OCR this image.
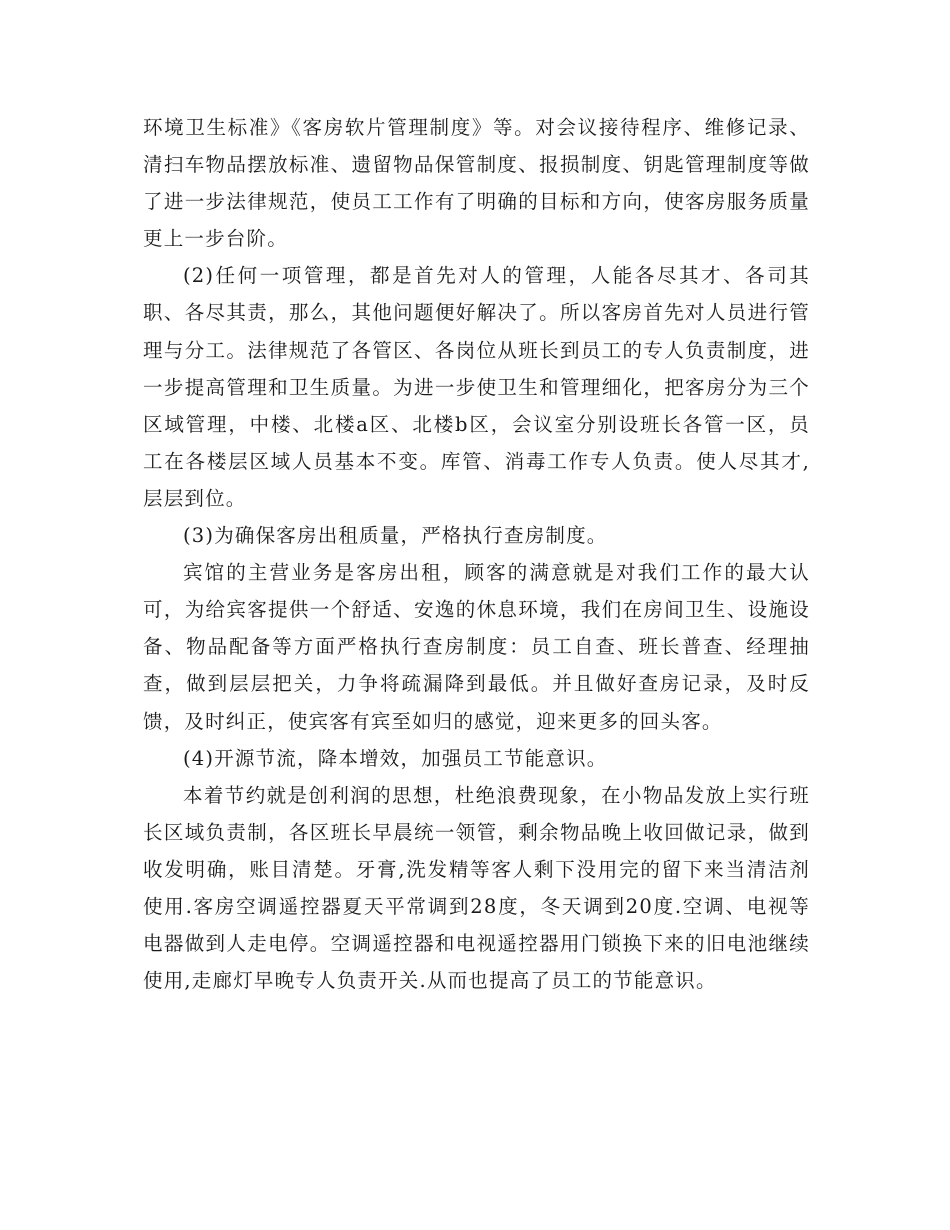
环境卫生标准》《客房软片管理制度》等。对会议接待程序、维修记录、清扫车物品摆放标准、遗留物品保管制度、报损制度、钥匙管理制度等做了进一步法律规范，使员工工作有了明确的目标和方向，使客房服务质量更上一步台阶。

(2)任何一项管理，都是首先对人的管理，人能各尽其才、各司其职、各尽其责，那么，其他问题便好解决了。所以客房首先对人员进行管理与分工。法律规范了各管区、各岗位从班长到员工的专人负责制度，进一步提高管理和卫生质量。为进一步使卫生和管理细化，把客房分为三个区域管理，中楼、北楼a区、北楼b区，会议室分别设班长各管一区，员工在各楼层区域人员基本不变。库管、消毒工作专人负责。使人尽其才,层层到位。

(3)为确保客房出租质量，严格执行查房制度。

宾馆的主营业务是客房出租，顾客的满意就是对我们工作的最大认可，为给宾客提供一个舒适、安逸的休息环境，我们在房间卫生、设施设备、物品配备等方面严格执行查房制度：员工自查、班长普查、经理抽查，做到层层把关，力争将疏漏降到最低。并且做好查房记录，及时反馈，及时纠正，使宾客有宾至如归的感觉，迎来更多的回头客。

(4)开源节流，降本增效，加强员工节能意识。

本着节约就是创利润的思想，杜绝浪费现象，在小物品发放上实行班长区域负责制，各区班长早晨统一领管，剩余物品晚上收回做记录，做到收发明确，账目清楚。牙膏,洗发精等客人剩下没用完的留下来当清洁剂使用.客房空调遥控器夏天平常调到28度，冬天调到20度.空调、电视等电器做到人走电停。空调遥控器和电视遥控器用门锁换下来的旧电池继续使用,走廊灯早晚专人负责开关.从而也提高了员工的节能意识。
